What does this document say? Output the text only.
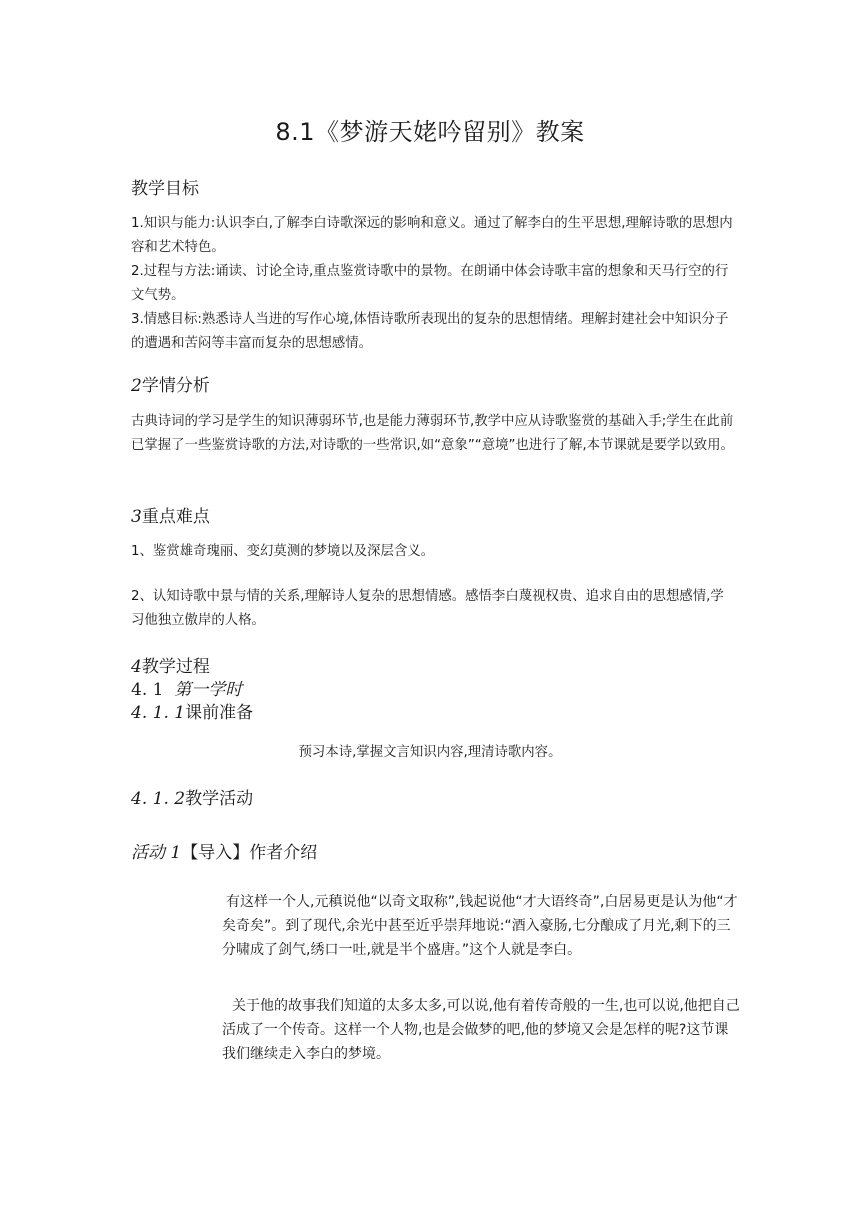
8.1《梦游天姥吟留别》教案
教学目标
1.知识与能力:认识李白,了解李白诗歌深远的影响和意义。通过了解李白的生平思想,理解诗歌的思想内容和艺术特色。
2.过程与方法:诵读、讨论全诗,重点鉴赏诗歌中的景物。在朗诵中体会诗歌丰富的想象和天马行空的行文气势。
3.情感目标:熟悉诗人当进的写作心境,体悟诗歌所表现出的复杂的思想情绪。理解封建社会中知识分子的遭遇和苦闷等丰富而复杂的思想感情。
2学情分析
古典诗词的学习是学生的知识薄弱环节,也是能力薄弱环节,教学中应从诗歌鉴赏的基础入手;学生在此前已掌握了一些鉴赏诗歌的方法,对诗歌的一些常识,如“意象”“意境”也进行了解,本节课就是要学以致用。
3重点难点
1、鉴赏雄奇瑰丽、变幻莫测的梦境以及深层含义。
2、认知诗歌中景与情的关系,理解诗人复杂的思想情感。感悟李白蔑视权贵、追求自由的思想感情,学习他独立傲岸的人格。
4教学过程
4. 1 第一学时
4. 1. 1课前准备
预习本诗,掌握文言知识内容,理清诗歌内容。
4. 1. 2教学活动
活动 1【导入】作者介绍
有这样一个人,元稹说他“以奇文取称”,钱起说他“才大语终奇”,白居易更是认为他“才矣奇矣”。到了现代,余光中甚至近乎崇拜地说:“酒入豪肠,七分酿成了月光,剩下的三分啸成了剑气,绣口一吐,就是半个盛唐。”这个人就是李白。
关于他的故事我们知道的太多太多,可以说,他有着传奇般的一生,也可以说,他把自己活成了一个传奇。这样一个人物,也是会做梦的吧,他的梦境又会是怎样的呢?这节课我们继续走入李白的梦境。
